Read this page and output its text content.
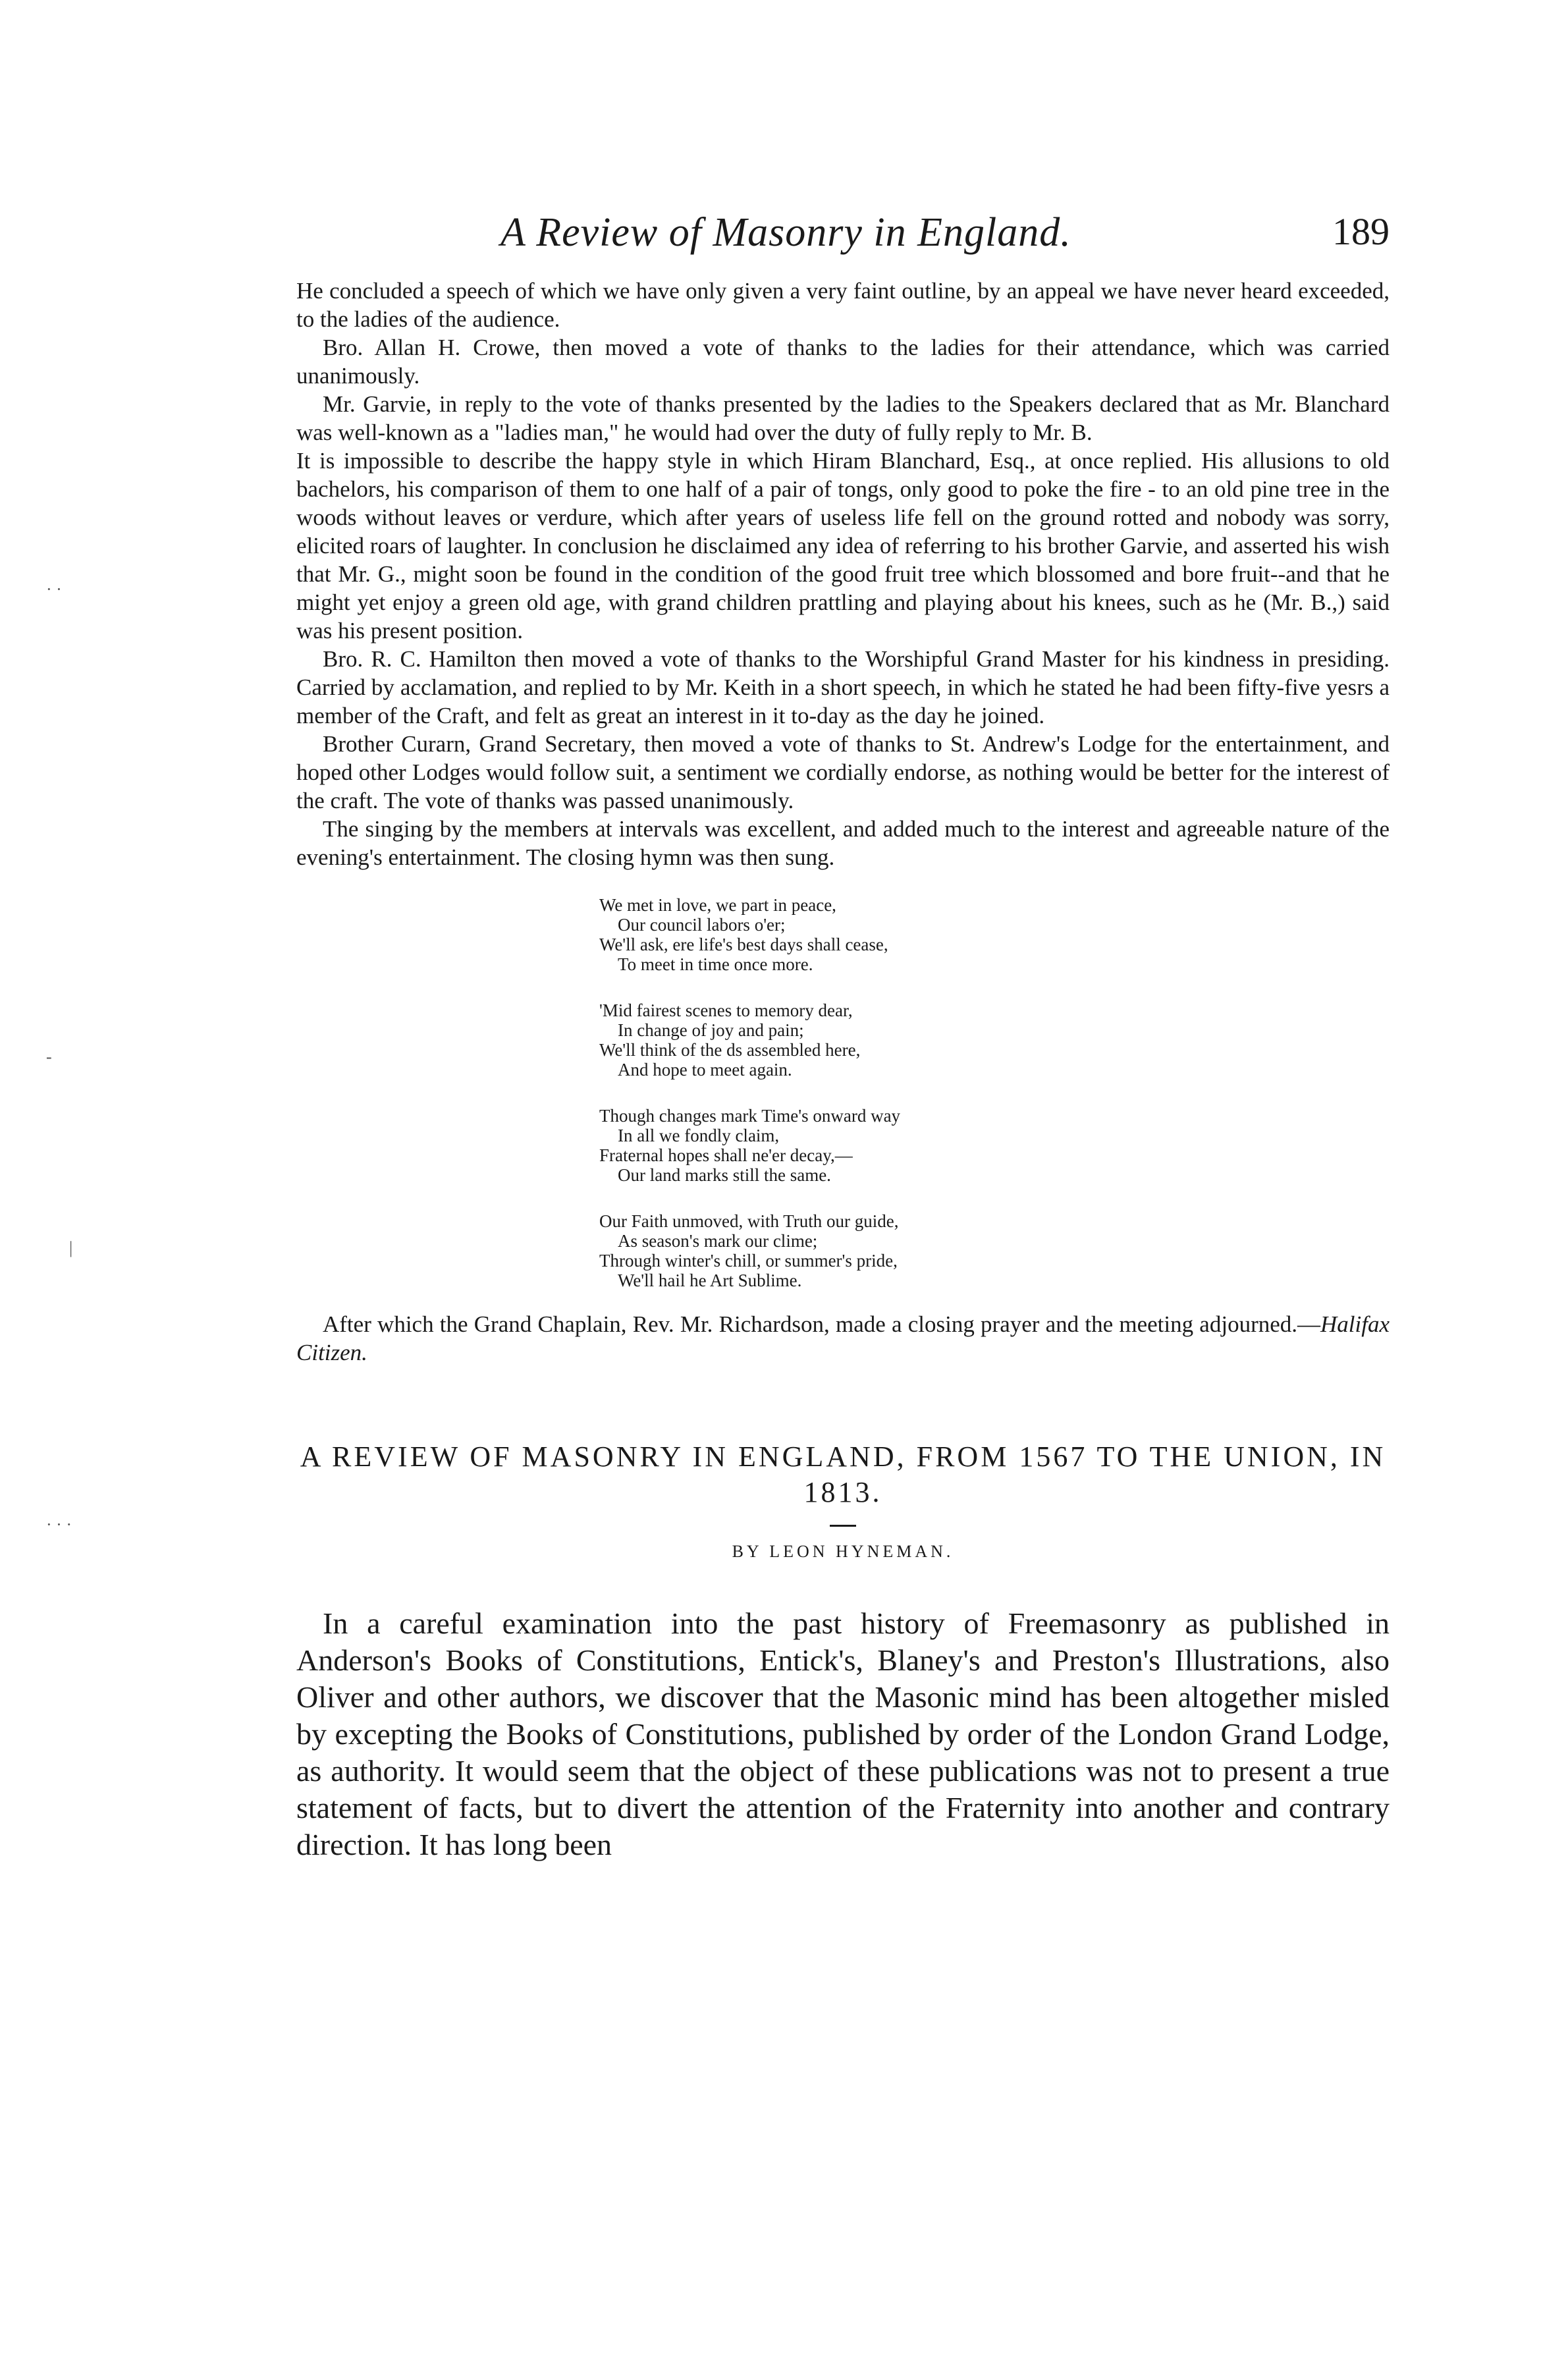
A Review of Masonry in England.	189
· ·
-
|
· · ·

He concluded a speech of which we have only given a very faint outline, by an appeal we have never heard exceeded, to the ladies of the audience.

Bro. Allan H. Crowe, then moved a vote of thanks to the ladies for their attendance, which was carried unanimously.

Mr. Garvie, in reply to the vote of thanks presented by the ladies to the Speakers declared that as Mr. Blanchard was well-known as a "ladies man," he would had over the duty of fully reply to Mr. B.

It is impossible to describe the happy style in which Hiram Blanchard, Esq., at once replied. His allusions to old bachelors, his comparison of them to one half of a pair of tongs, only good to poke the fire - to an old pine tree in the woods without leaves or verdure, which after years of useless life fell on the ground rotted and nobody was sorry, elicited roars of laughter. In conclusion he disclaimed any idea of referring to his brother Garvie, and asserted his wish that Mr. G., might soon be found in the condition of the good fruit tree which blossomed and bore fruit--and that he might yet enjoy a green old age, with grand children prattling and playing about his knees, such as he (Mr. B.,) said was his present position.

Bro. R. C. Hamilton then moved a vote of thanks to the Worshipful Grand Master for his kindness in presiding. Carried by acclamation, and replied to by Mr. Keith in a short speech, in which he stated he had been fifty-five yesrs a member of the Craft, and felt as great an interest in it to-day as the day he joined.

Brother Curarn, Grand Secretary, then moved a vote of thanks to St. Andrew's Lodge for the entertainment, and hoped other Lodges would follow suit, a sentiment we cordially endorse, as nothing would be better for the interest of the craft. The vote of thanks was passed unanimously.

The singing by the members at intervals was excellent, and added much to the interest and agreeable nature of the evening's entertainment. The closing hymn was then sung.

We met in love, we part in peace,
Our council labors o'er;
We'll ask, ere life's best days shall cease,
To meet in time once more.
'Mid fairest scenes to memory dear,
In change of joy and pain;
We'll think of the ds assembled here,
And hope to meet again.
Though changes mark Time's onward way
In all we fondly claim,
Fraternal hopes shall ne'er decay,—
Our land marks still the same.
Our Faith unmoved, with Truth our guide,
As season's mark our clime;
Through winter's chill, or summer's pride,
We'll hail he Art Sublime.

After which the Grand Chaplain, Rev. Mr. Richardson, made a closing prayer and the meeting adjourned.—Halifax Citizen.

A REVIEW OF MASONRY IN ENGLAND, FROM 1567 TO THE UNION, IN 1813.
BY LEON HYNEMAN.

In a careful examination into the past history of Freemasonry as published in Anderson's Books of Constitutions, Entick's, Blaney's and Preston's Illustrations, also Oliver and other authors, we discover that the Masonic mind has been altogether misled by excepting the Books of Constitutions, published by order of the London Grand Lodge, as authority. It would seem that the object of these publications was not to present a true statement of facts, but to divert the attention of the Fraternity into another and contrary direction. It has long been
